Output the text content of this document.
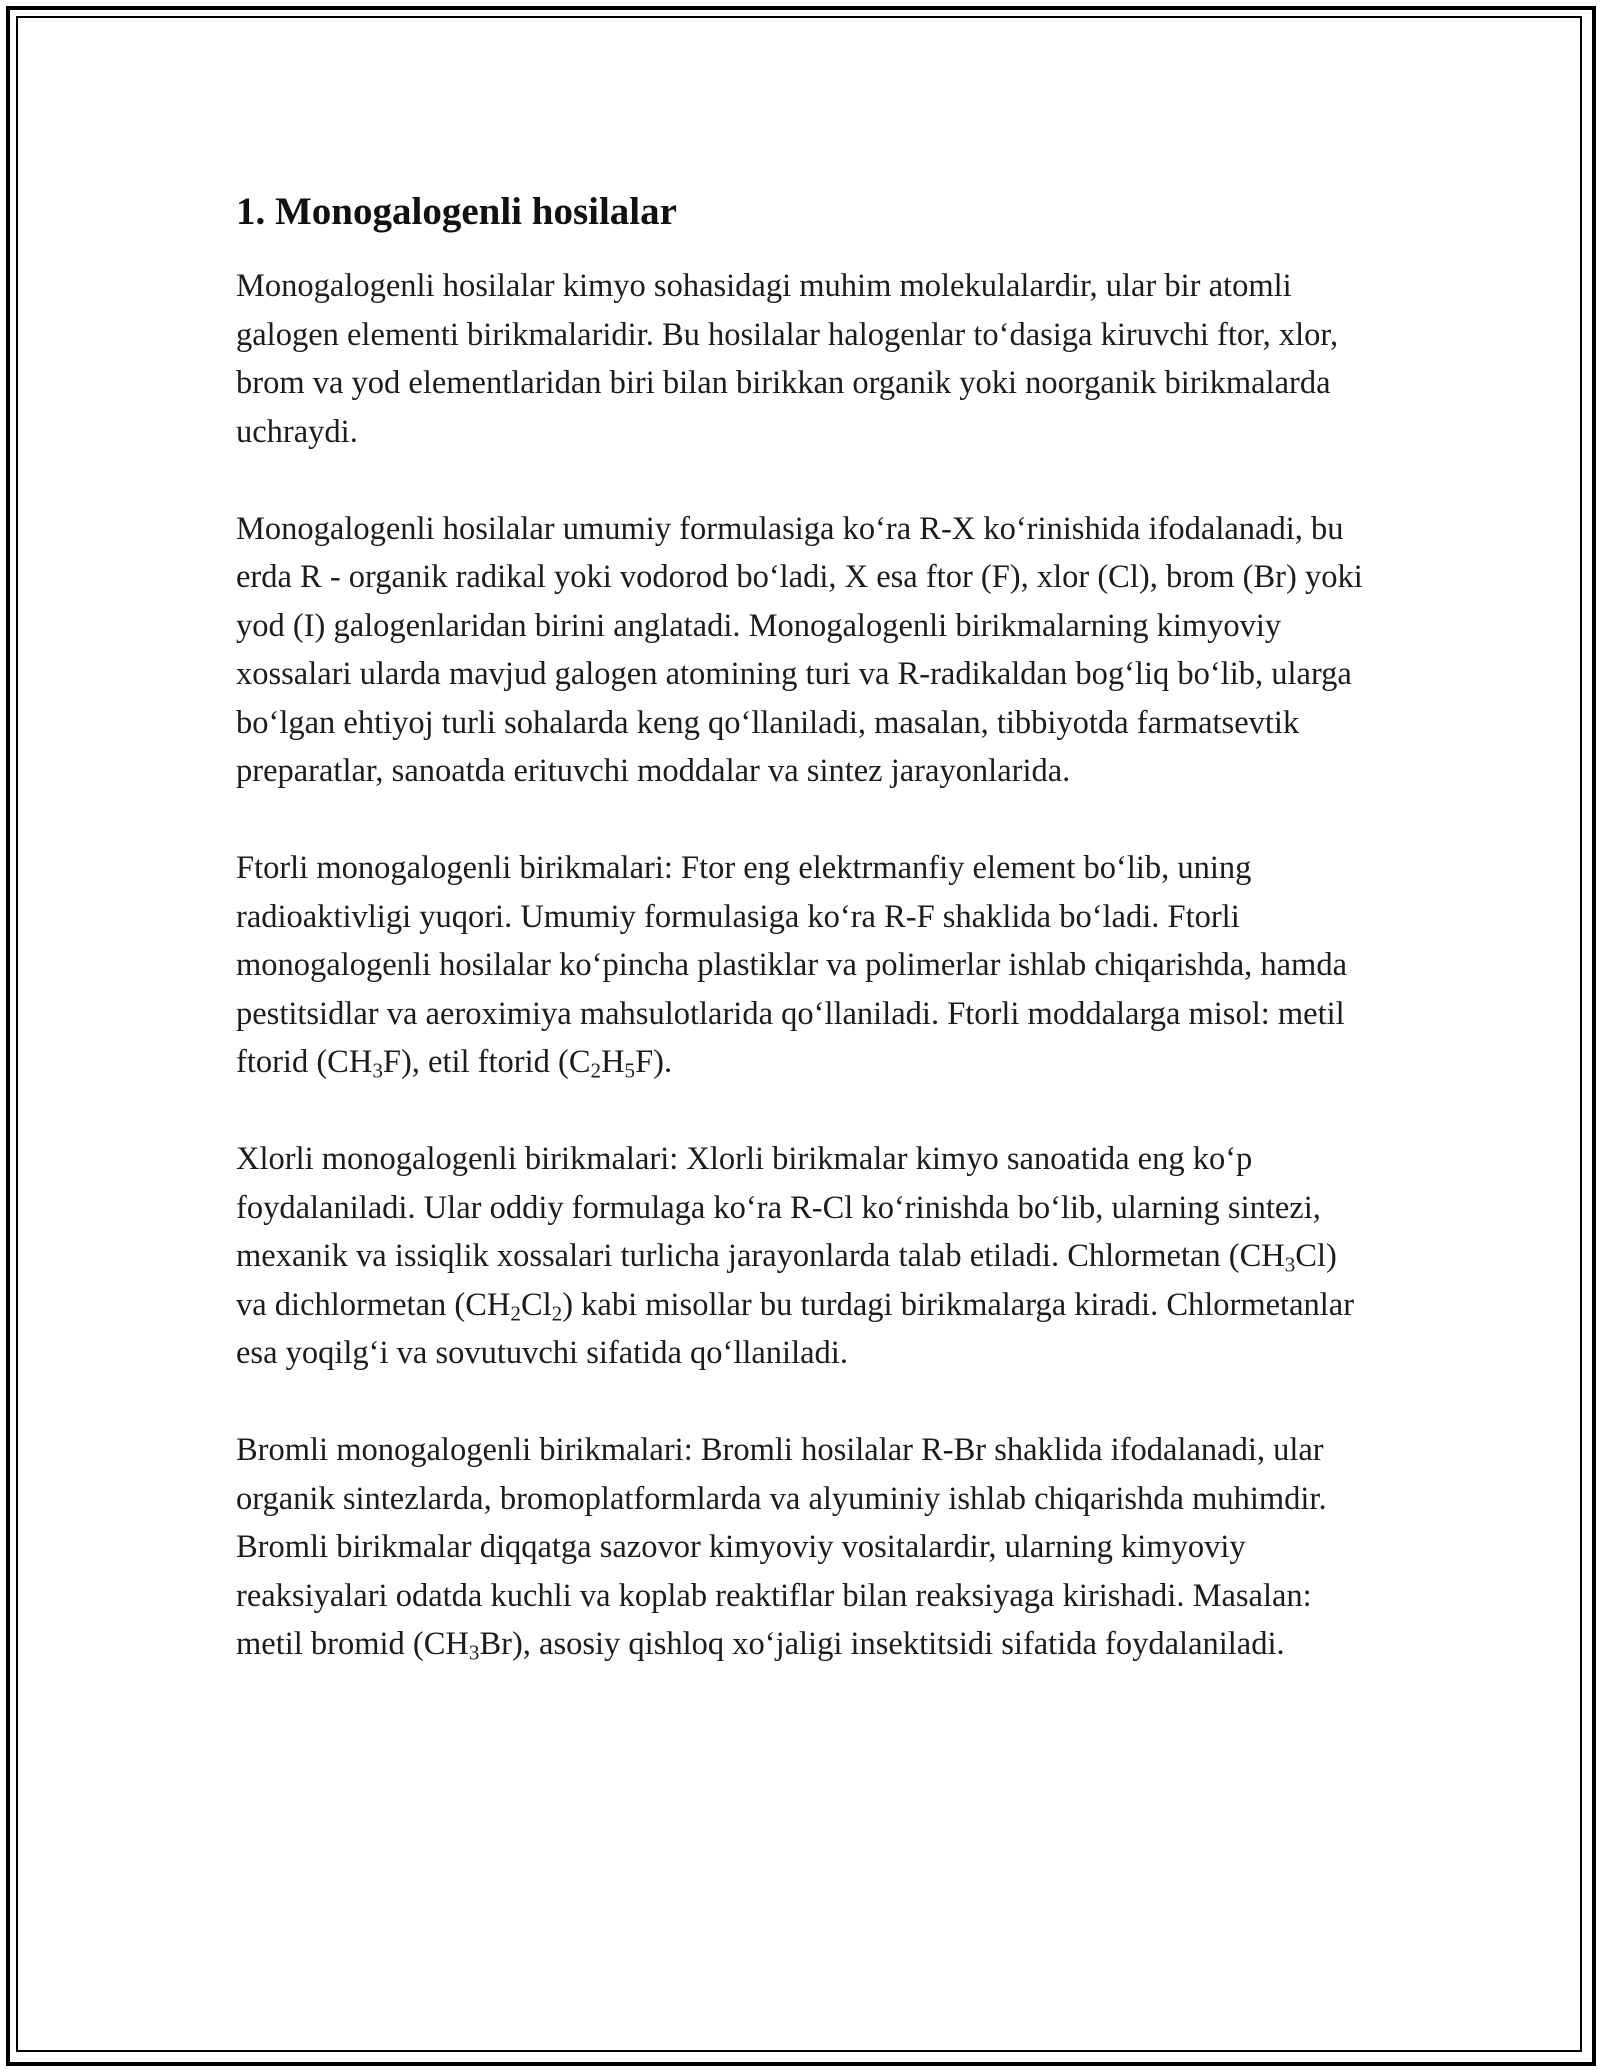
1. Monogalogenli hosilalar

Monogalogenli hosilalar kimyo sohasidagi muhim molekulalardir, ular bir atomli galogen elementi birikmalaridir. Bu hosilalar halogenlar to‘dasiga kiruvchi ftor, xlor, brom va yod elementlaridan biri bilan birikkan organik yoki noorganik birikmalarda uchraydi.

Monogalogenli hosilalar umumiy formulasiga ko‘ra R-X ko‘rinishida ifodalanadi, bu erda R - organik radikal yoki vodorod bo‘ladi, X esa ftor (F), xlor (Cl), brom (Br) yoki yod (I) galogenlaridan birini anglatadi. Monogalogenli birikmalarning kimyoviy xossalari ularda mavjud galogen atomining turi va R-radikaldan bog‘liq bo‘lib, ularga bo‘lgan ehtiyoj turli sohalarda keng qo‘llaniladi, masalan, tibbiyotda farmatsevtik preparatlar, sanoatda erituvchi moddalar va sintez jarayonlarida.

Ftorli monogalogenli birikmalari: Ftor eng elektrmanfiy element bo‘lib, uning radioaktivligi yuqori. Umumiy formulasiga ko‘ra R-F shaklida bo‘ladi. Ftorli monogalogenli hosilalar ko‘pincha plastiklar va polimerlar ishlab chiqarishda, hamda pestitsidlar va aeroximiya mahsulotlarida qo‘llaniladi. Ftorli moddalarga misol: metil ftorid $(CH_3F)$, etil ftorid $(C_2H_5F)$.

Xlorli monogalogenli birikmalari: Xlorli birikmalar kimyo sanoatida eng ko‘p foydalaniladi. Ular oddiy formulaga ko‘ra R-Cl ko‘rinishda bo‘lib, ularning sintezi, mexanik va issiqlik xossalari turlicha jarayonlarda talab etiladi. Chlormetan $(CH_3Cl)$ va dichlormetan $(CH_2Cl_2)$ kabi misollar bu turdagi birikmalarga kiradi. Chlormetanlar esa yoqilg‘i va sovutuvchi sifatida qo‘llaniladi.

Bromli monogalogenli birikmalari: Bromli hosilalar R-Br shaklida ifodalanadi, ular organik sintezlarda, bromoplatformlarda va alyuminiy ishlab chiqarishda muhimdir. Bromli birikmalar diqqatga sazovor kimyoviy vositalardir, ularning kimyoviy reaksiyalari odatda kuchli va koplab reaktiflar bilan reaksiyaga kirishadi. Masalan: metil bromid $(CH_3Br)$, asosiy qishloq xo‘jaligi insektitsidi sifatida foydalaniladi.
